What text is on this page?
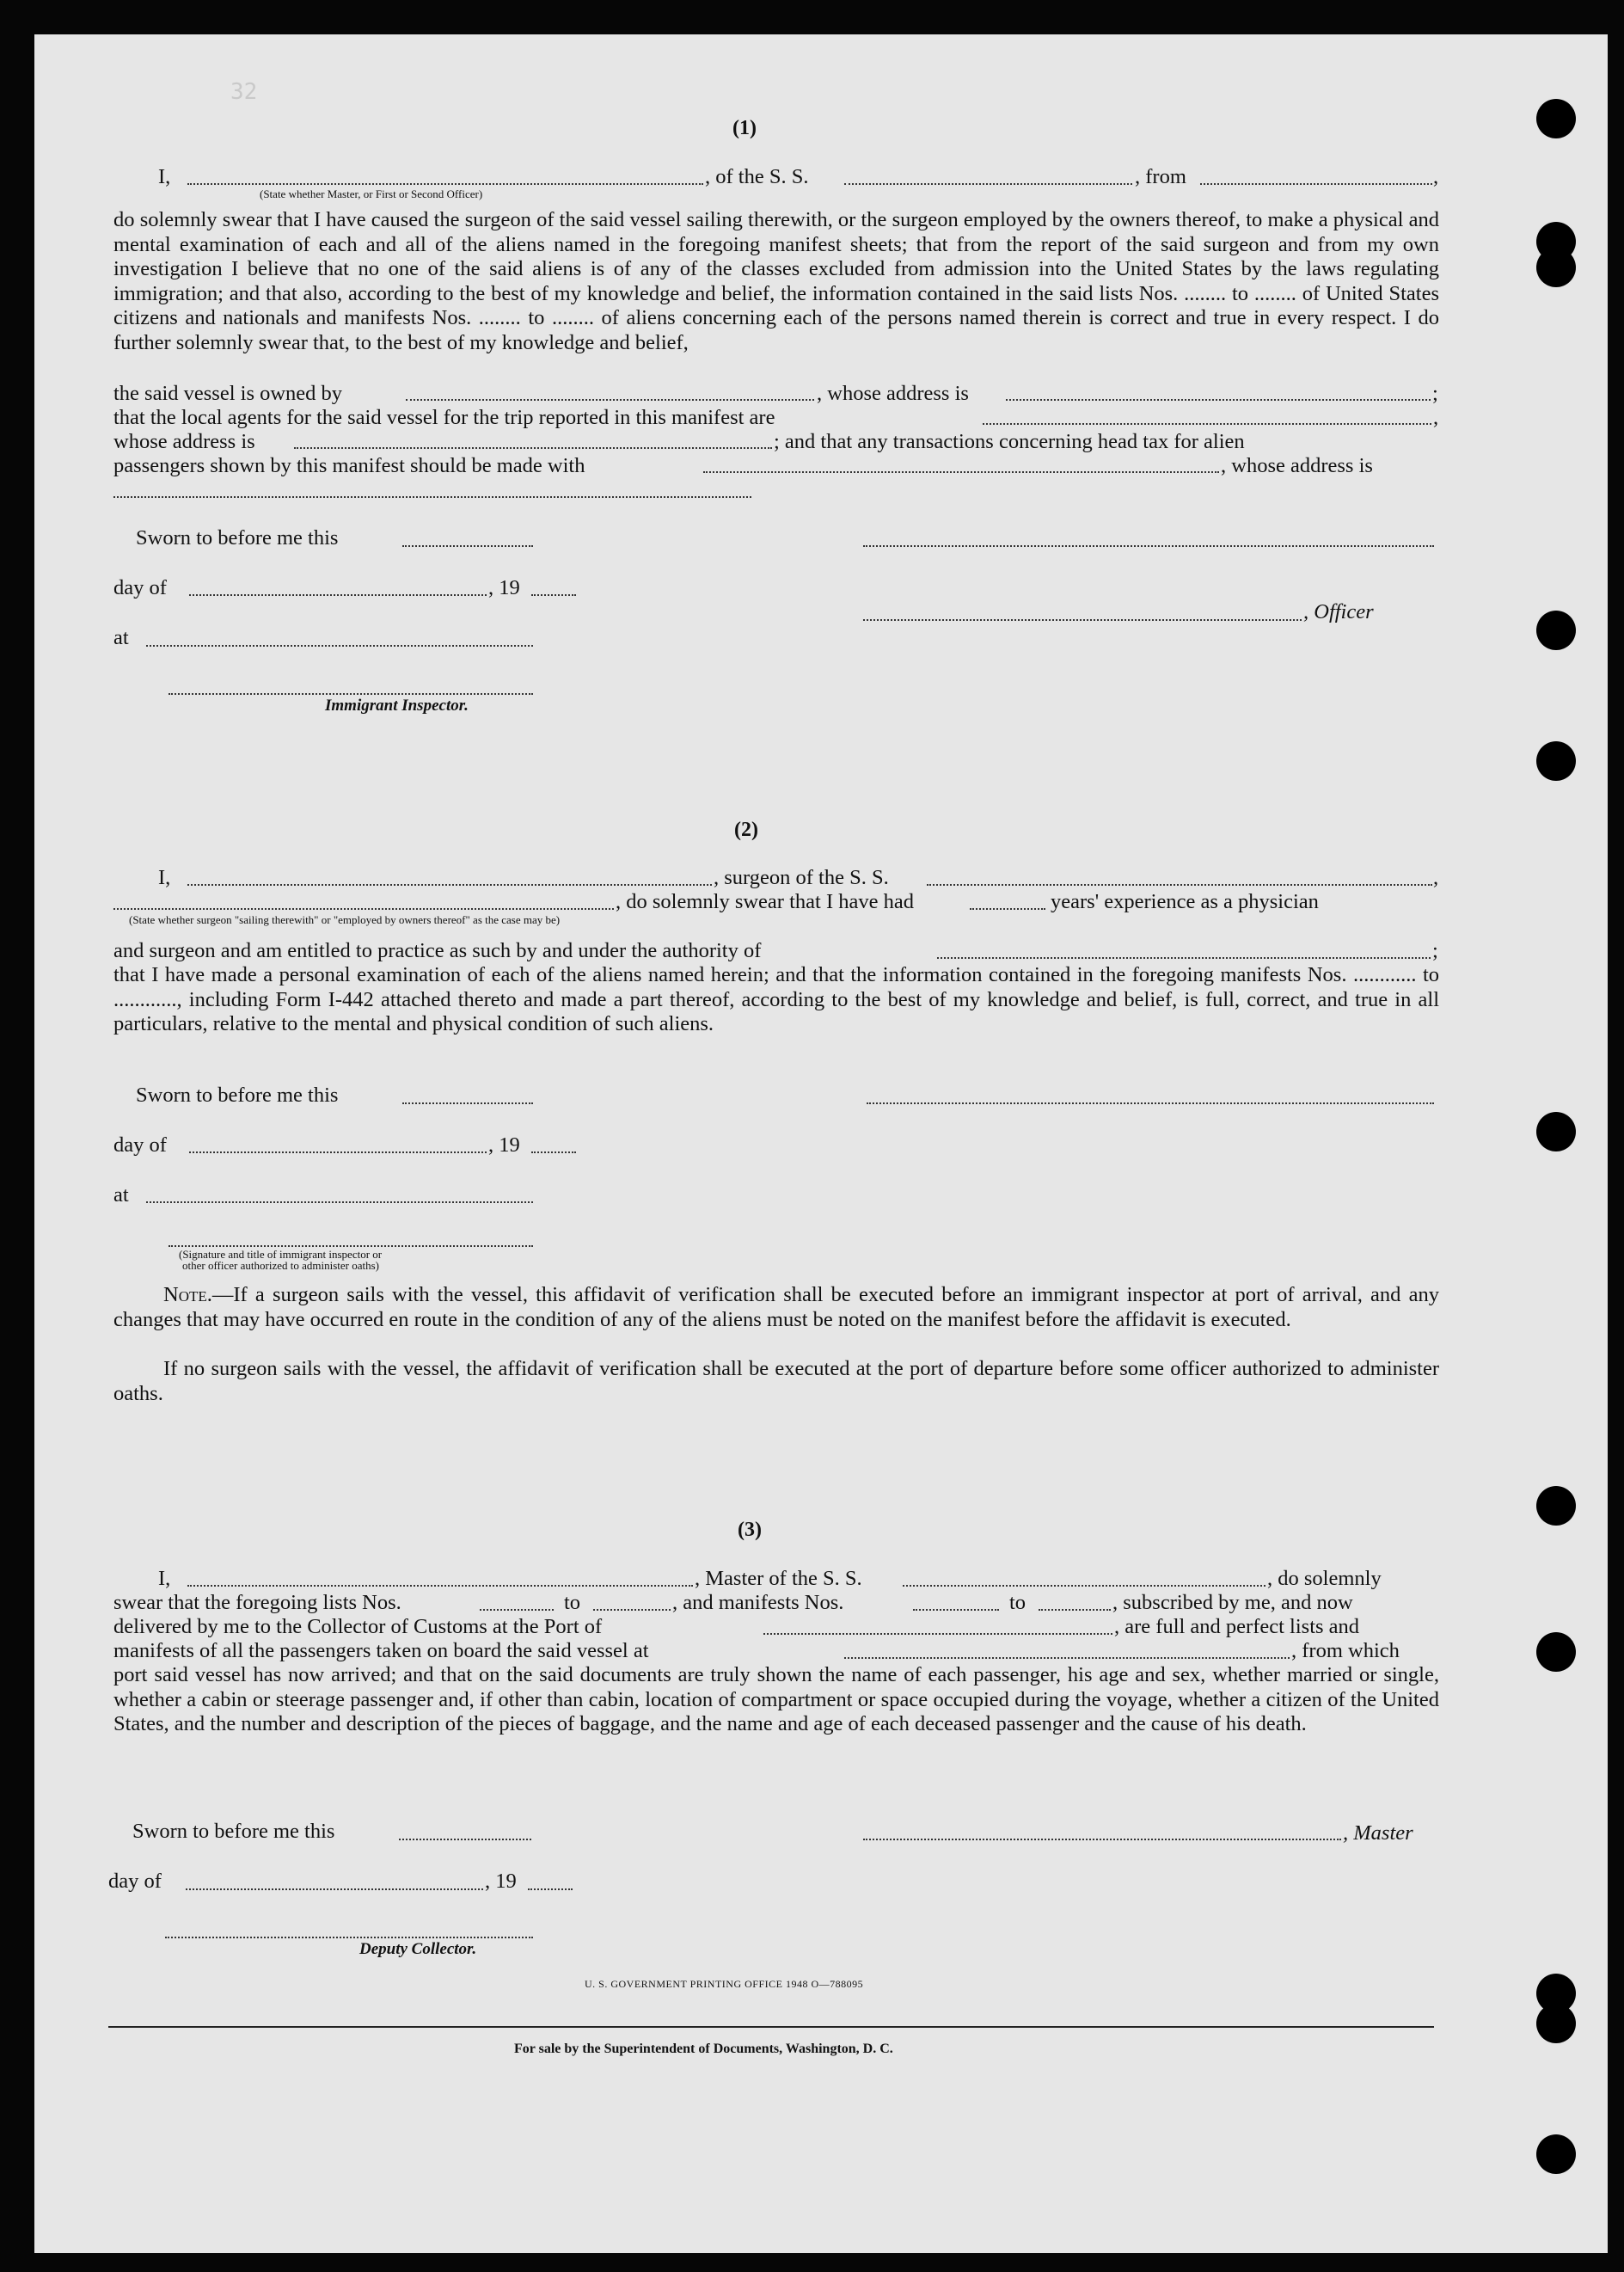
32
(1)
I,	, of the S. S.	, from	,
(State whether Master, or First or Second Officer)
do solemnly swear that I have caused the surgeon of the said vessel sailing therewith, or the surgeon employed by the owners thereof, to make a physical and mental examination of each and all of the aliens named in the foregoing manifest sheets; that from the report of the said surgeon and from my own investigation I believe that no one of the said aliens is of any of the classes excluded from admission into the United States by the laws regulating immigration; and that also, according to the best of my knowledge and belief, the information contained in the said lists Nos. ........ to ........ of United States citizens and nationals and manifests Nos. ........ to ........ of aliens concerning each of the persons named therein is correct and true in every respect. I do further solemnly swear that, to the best of my knowledge and belief,
the said vessel is owned by	, whose address is	;
that the local agents for the said vessel for the trip reported in this manifest are	,
whose address is	; and that any transactions concerning head tax for alien
passengers shown by this manifest should be made with	, whose address is
Sworn to before me this
day of	, 19
, Officer
at
Immigrant Inspector.
(2)
I,	, surgeon of the S. S.	,
, do solemnly swear that I have had	years' experience as a physician
(State whether surgeon "sailing therewith" or "employed by owners thereof" as the case may be)
and surgeon and am entitled to practice as such by and under the authority of	;
that I have made a personal examination of each of the aliens named herein; and that the information contained in the foregoing manifests Nos. ............ to ............, including Form I-442 attached thereto and made a part thereof, according to the best of my knowledge and belief, is full, correct, and true in all particulars, relative to the mental and physical condition of such aliens.
Sworn to before me this
day of	, 19
at
(Signature and title of immigrant inspector or
other officer authorized to administer oaths)
Note.—If a surgeon sails with the vessel, this affidavit of verification shall be executed before an immigrant inspector at port of arrival, and any changes that may have occurred en route in the condition of any of the aliens must be noted on the manifest before the affidavit is executed.
If no surgeon sails with the vessel, the affidavit of verification shall be executed at the port of departure before some officer authorized to administer oaths.
(3)
I,	, Master of the S. S.	, do solemnly
swear that the foregoing lists Nos.	to	, and manifests Nos.	to	, subscribed by me, and now
delivered by me to the Collector of Customs at the Port of	, are full and perfect lists and
manifests of all the passengers taken on board the said vessel at	, from which
port said vessel has now arrived; and that on the said documents are truly shown the name of each passenger, his age and sex, whether married or single, whether a cabin or steerage passenger and, if other than cabin, location of compartment or space occupied during the voyage, whether a citizen of the United States, and the number and description of the pieces of baggage, and the name and age of each deceased passenger and the cause of his death.
Sworn to before me this	, Master
day of	, 19
Deputy Collector.
U. S. GOVERNMENT PRINTING OFFICE 1948 O—788095
For sale by the Superintendent of Documents, Washington, D. C.
